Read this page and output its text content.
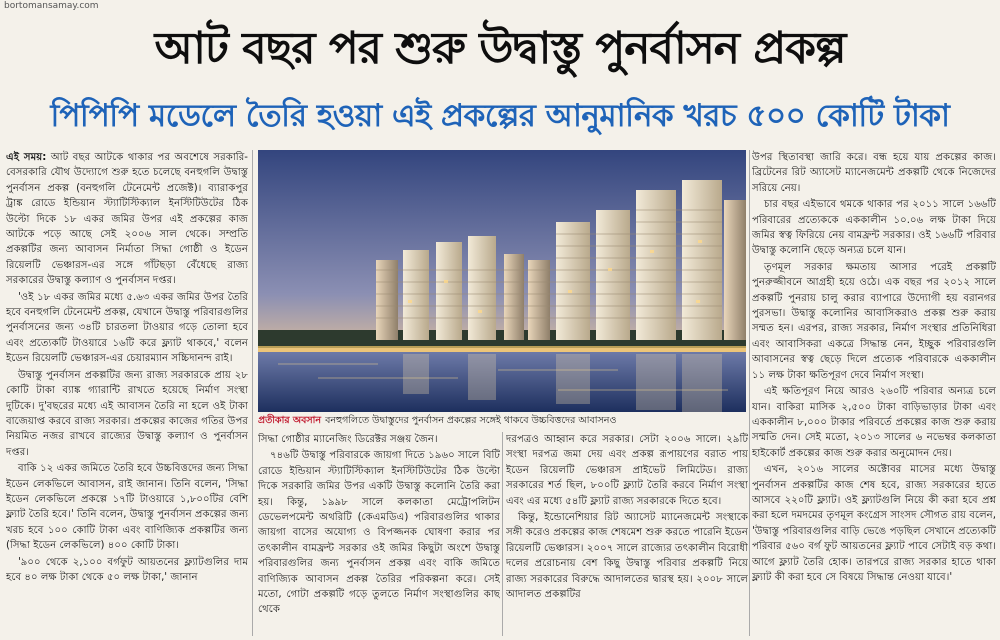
bortomansamay.com
আট বছর পর শুরু উদ্বাস্তু পুনর্বাসন প্রকল্প
পিপিপি মডেলে তৈরি হওয়া এই প্রকল্পের আনুমানিক খরচ ৫০০ কোটি টাকা

এই সময়: আট বছর আটকে থাকার পর অবশেষে সরকারি-বেসরকারি যৌথ উদ্যোগে শুরু হতে চলেছে বনহুগলি উদ্বাস্তু পুনর্বাসন প্রকল্প (বনহুগলি টেনেমেন্ট প্রজেক্ট)। ব্যারাকপুর ট্রাঙ্ক রোডে ইন্ডিয়ান স্ট্যাটিস্টিক্যাল ইনস্টিটিউটের ঠিক উল্টো দিকে ১৮ একর জমির উপর এই প্রকল্পের কাজ আটকে পড়ে আছে সেই ২০০৬ সাল থেকে। সম্প্রতি প্রকল্পটির জন্য আবাসন নির্মাতা সিদ্ধা গোষ্ঠী ও ইডেন রিয়েলটি ভেঞ্চারস-এর সঙ্গে গাঁটছড়া বেঁধেছে রাজ্য সরকারের উদ্বাস্তু কল্যাণ ও পুনর্বাসন দপ্তর।

'ওই ১৮ একর জমির মধ্যে ৫.৬৩ একর জমির উপর তৈরি হবে বনহুগলি টেনেমেন্ট প্রকল্প, যেখানে উদ্বাস্তু পরিবারগুলির পুনর্বাসনের জন্য ৩৪টি চারতলা টাওয়ার গড়ে তোলা হবে এবং প্রত্যেকটি টাওয়ারে ১৬টি করে ফ্ল্যাট থাকবে,' বলেন ইডেন রিয়েলটি ভেঞ্চারস-এর চেয়ারম্যান সচ্চিদানন্দ রাই।

উদ্বাস্তু পুনর্বাসন প্রকল্পটির জন্য রাজ্য সরকারকে প্রায় ২৮ কোটি টাকা ব্যাঙ্ক গ্যারান্টি রাখতে হয়েছে নির্মাণ সংস্থা দুটিকে। দু'বছরের মধ্যে এই আবাসন তৈরি না হলে ওই টাকা বাজেয়াপ্ত করবে রাজ্য সরকার। প্রকল্পের কাজের গতির উপর নিয়মিত নজর রাখবে রাজ্যের উদ্বাস্তু কল্যাণ ও পুনর্বাসন দপ্তর।

বাকি ১২ একর জমিতে তৈরি হবে উচ্চবিত্তদের জন্য সিদ্ধা ইডেন লেকভিলে আবাসন, রাই জানান। তিনি বলেন, 'সিদ্ধা ইডেন লেকভিলে প্রকল্পে ১৭টি টাওয়ারে ১,৮০০টির বেশি ফ্ল্যাট তৈরি হবে।' তিনি বলেন, উদ্বাস্তু পুনর্বাসন প্রকল্পের জন্য খরচ হবে ১০০ কোটি টাকা এবং বাণিজ্যিক প্রকল্পটির জন্য (সিদ্ধা ইডেন লেকভিলে) ৪০০ কোটি টাকা।

'৯০০ থেকে ২,১০০ বর্গফুট আয়তনের ফ্ল্যাটগুলির দাম হবে ৪০ লক্ষ টাকা থেকে ৫০ লক্ষ টাকা,' জানান

প্রতীকার অবসান বনহুগলিতে উদ্বাস্তুদের পুনর্বাসন প্রকল্পের সঙ্গেই থাকবে উচ্চবিত্তদের আবাসনও

সিদ্ধা গোষ্ঠীর ম্যানেজিং ডিরেক্টর সঞ্জয় জৈন।

৭৪৬টি উদ্বাস্তু পরিবারকে জায়গা দিতে ১৯৬০ সালে বিটি রোডে ইন্ডিয়ান স্ট্যাটিস্টিক্যাল ইনস্টিটিউটের ঠিক উল্টো দিকে সরকারি জমির উপর একটি উদ্বাস্তু কলোনি তৈরি করা হয়। কিন্তু, ১৯৯৮ সালে কলকাতা মেট্রোপলিটন ডেভেলপমেন্ট অথরিটি (কেএমডিএ) পরিবারগুলির থাকার জায়গা বাসের অযোগ্য ও বিপজ্জনক ঘোষণা করার পর তৎকালীন বামফ্রন্ট সরকার ওই জমির কিছুটা অংশে উদ্বাস্তু পরিবারগুলির জন্য পুনর্বাসন প্রকল্প এবং বাকি জমিতে বাণিজ্যিক আবাসন প্রকল্প তৈরির পরিকল্পনা করে। সেই মতো, গোটা প্রকল্পটি গড়ে তুলতে নির্মাণ সংস্থাগুলির কাছ থেকে

দরপত্রও আহ্বান করে সরকার। সেটা ২০০৬ সালে। ২৯টি সংস্থা দরপত্র জমা দেয় এবং প্রকল্প রূপায়ণের বরাত পায় ইডেন রিয়েলটি ভেঞ্চারস প্রাইভেট লিমিটেড। রাজ্য সরকারের শর্ত ছিল, ৮০০টি ফ্ল্যাট তৈরি করবে নির্মাণ সংস্থা এবং এর মধ্যে ৫৪টি ফ্ল্যাট রাজ্য সরকারকে দিতে হবে।

কিন্তু, ইন্ডোনেশিয়ার রিট অ্যাসেট ম্যানেজমেন্ট সংস্থাকে সঙ্গী করেও প্রকল্পের কাজ শেষমেশ শুরু করতে পারেনি ইডেন রিয়েলটি ভেঞ্চারস। ২০০৭ সালে রাজ্যের তৎকালীন বিরোধী দলের প্ররোচনায় বেশ কিছু উদ্বাস্তু পরিবার প্রকল্পটি নিয়ে রাজ্য সরকারের বিরুদ্ধে আদালতের দ্বারস্থ হয়। ২০০৮ সালে আদালত প্রকল্পটির

উপর স্থিতাবস্থা জারি করে। বন্ধ হয়ে যায় প্রকল্পের কাজ। ব্রিটেনের রিট অ্যাসেট ম্যানেজমেন্ট প্রকল্পটি থেকে নিজেদের সরিয়ে নেয়।

চার বছর এইভাবে থমকে থাকার পর ২০১১ সালে ১৬৬টি পরিবারের প্রত্যেককে এককালীন ১০.০৬ লক্ষ টাকা দিয়ে জমির স্বত্ব ফিরিয়ে নেয় বামফ্রন্ট সরকার। ওই ১৬৬টি পরিবার উদ্বাস্তু কলোনি ছেড়ে অন্যত্র চলে যান।

তৃণমূল সরকার ক্ষমতায় আসার পরেই প্রকল্পটি পুনরুজ্জীবনে আগ্রহী হয়ে ওঠে। এক বছর পর ২০১২ সালে প্রকল্পটি পুনরায় চালু করার ব্যাপারে উদ্যোগী হয় বরানগর পুরসভা। উদ্বাস্তু কলোনির আবাসিকরাও প্রকল্প শুরু করায় সম্মত হন। এরপর, রাজ্য সরকার, নির্মাণ সংস্থার প্রতিনিধিরা এবং আবাসিকরা একত্রে সিদ্ধান্ত নেন, ইচ্ছুক পরিবারগুলি আবাসনের স্বত্ব ছেড়ে দিলে প্রত্যেক পরিবারকে এককালীন ১১ লক্ষ টাকা ক্ষতিপূরণ দেবে নির্মাণ সংস্থা।

এই ক্ষতিপূরণ নিয়ে আরও ২৬০টি পরিবার অন্যত্র চলে যান। বাকিরা মাসিক ২,৫০০ টাকা বাড়িভাড়ার টাকা এবং এককালীন ৮,০০০ টাকার পরিবর্তে প্রকল্পের কাজ শুরু করায় সম্মতি দেন। সেই মতো, ২০১৩ সালের ৬ নভেম্বর কলকাতা হাইকোর্ট প্রকল্পের কাজ শুরু করার অনুমোদন দেয়।

এখন, ২০১৬ সালের অক্টোবর মাসের মধ্যে উদ্বাস্তু পুনর্বাসন প্রকল্পটির কাজ শেষ হবে, রাজ্য সরকারের হাতে আসবে ২২০টি ফ্ল্যাট। ওই ফ্ল্যাটগুলি নিয়ে কী করা হবে প্রশ্ন করা হলে দমদমের তৃণমূল কংগ্রেস সাংসদ সৌগত রায় বলেন, 'উদ্বাস্তু পরিবারগুলির বাড়ি ভেঙে পড়ছিল সেখানে প্রত্যেকটি পরিবার ৫৬০ বর্গ ফুট আয়তনের ফ্ল্যাট পাবে সেটাই বড় কথা। আগে ফ্ল্যাট তৈরি হোক। তারপরে রাজ্য সরকার হাতে থাকা ফ্ল্যাট কী করা হবে সে বিষয়ে সিদ্ধান্ত নেওয়া যাবে।'
